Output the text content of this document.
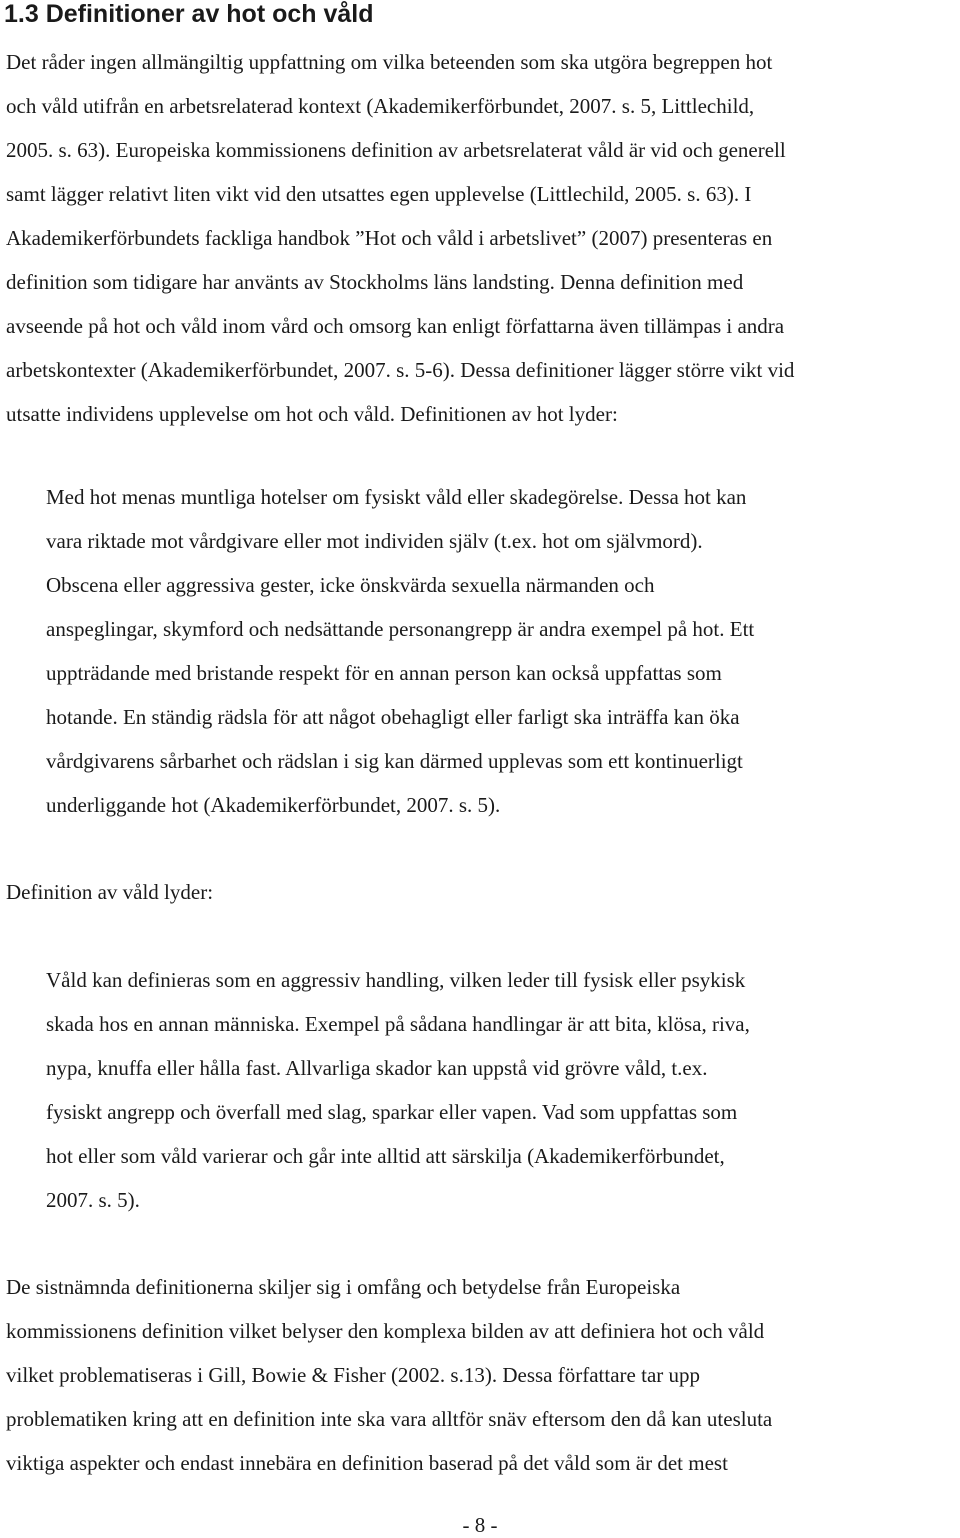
1.3 Definitioner av hot och våld
Det råder ingen allmängiltig uppfattning om vilka beteenden som ska utgöra begreppen hot
och våld utifrån en arbetsrelaterad kontext (Akademikerförbundet, 2007. s. 5, Littlechild,
2005. s. 63). Europeiska kommissionens definition av arbetsrelaterat våld är vid och generell
samt lägger relativt liten vikt vid den utsattes egen upplevelse (Littlechild, 2005. s. 63). I
Akademikerförbundets fackliga handbok ”Hot och våld i arbetslivet” (2007) presenteras en
definition som tidigare har använts av Stockholms läns landsting. Denna definition med
avseende på hot och våld inom vård och omsorg kan enligt författarna även tillämpas i andra
arbetskontexter (Akademikerförbundet, 2007. s. 5-6). Dessa definitioner lägger större vikt vid
utsatte individens upplevelse om hot och våld. Definitionen av hot lyder:
Med hot menas muntliga hotelser om fysiskt våld eller skadegörelse. Dessa hot kan
vara riktade mot vårdgivare eller mot individen själv (t.ex. hot om självmord).
Obscena eller aggressiva gester, icke önskvärda sexuella närmanden och
anspeglingar, skymford och nedsättande personangrepp är andra exempel på hot. Ett
uppträdande med bristande respekt för en annan person kan också uppfattas som
hotande. En ständig rädsla för att något obehagligt eller farligt ska inträffa kan öka
vårdgivarens sårbarhet och rädslan i sig kan därmed upplevas som ett kontinuerligt
underliggande hot (Akademikerförbundet, 2007. s. 5).
Definition av våld lyder:
Våld kan definieras som en aggressiv handling, vilken leder till fysisk eller psykisk
skada hos en annan människa. Exempel på sådana handlingar är att bita, klösa, riva,
nypa, knuffa eller hålla fast. Allvarliga skador kan uppstå vid grövre våld, t.ex.
fysiskt angrepp och överfall med slag, sparkar eller vapen. Vad som uppfattas som
hot eller som våld varierar och går inte alltid att särskilja (Akademikerförbundet,
2007. s. 5).
De sistnämnda definitionerna skiljer sig i omfång och betydelse från Europeiska
kommissionens definition vilket belyser den komplexa bilden av att definiera hot och våld
vilket problematiseras i Gill, Bowie & Fisher (2002. s.13). Dessa författare tar upp
problematiken kring att en definition inte ska vara alltför snäv eftersom den då kan utesluta
viktiga aspekter och endast innebära en definition baserad på det våld som är det mest
- 8 -
